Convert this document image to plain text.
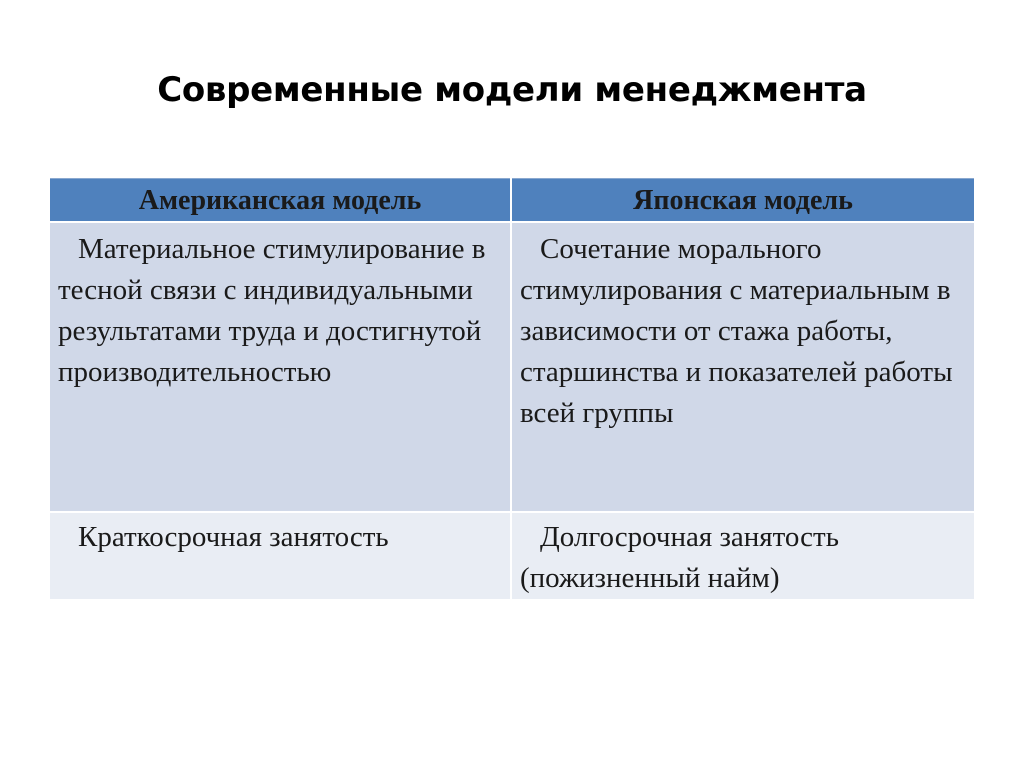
Современные модели менеджмента
Американская модель	Японская модель

Материальное стимулирование в тесной связи с индивидуальными результатами труда и достигнутой производительностью	Сочетание морального стимулирования с материальным в зависимости от стажа работы, старшинства и показателей работы всей группы

Краткосрочная занятость	Долгосрочная занятость (пожизненный найм)
